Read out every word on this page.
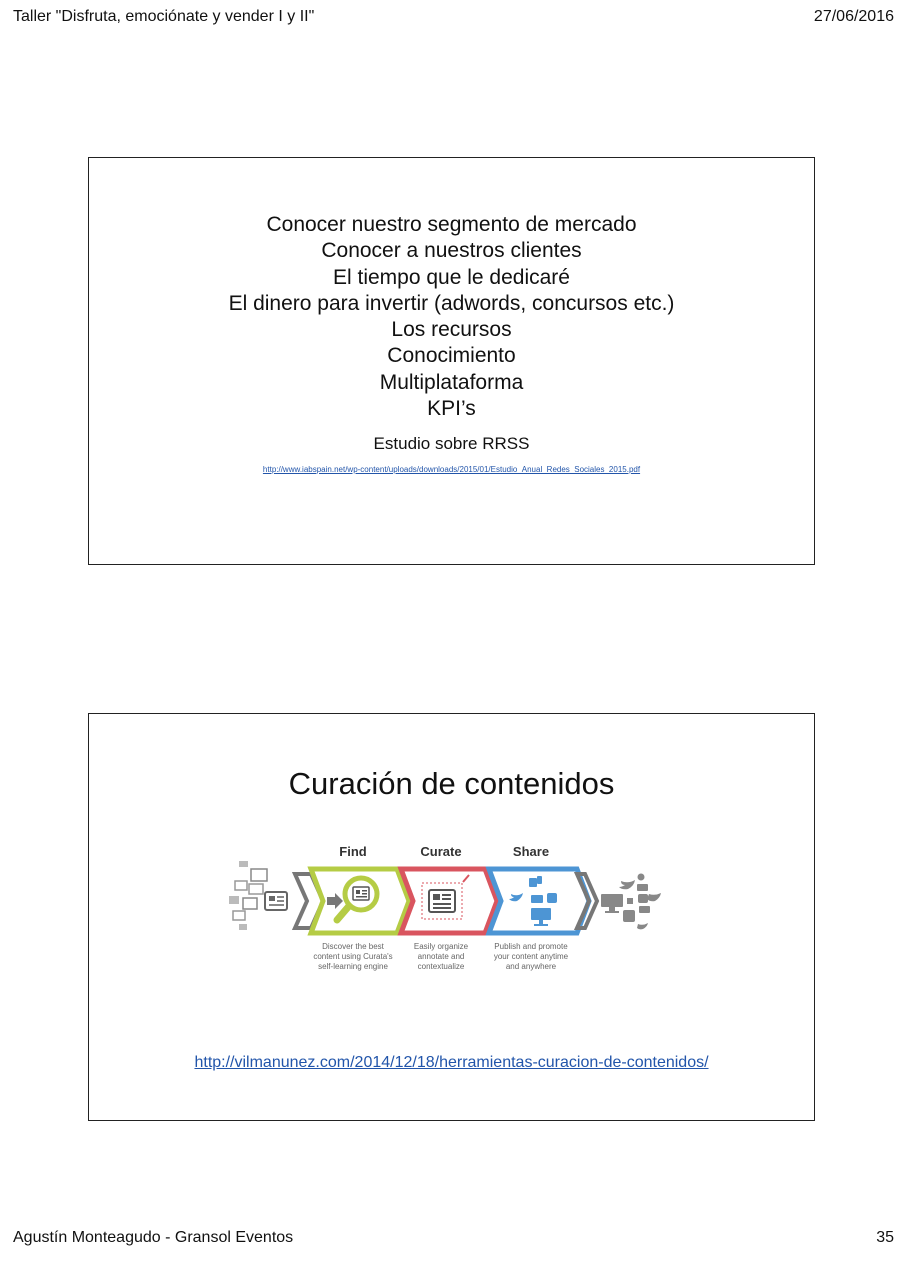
Taller "Disfruta, emociónate y vender I y II"	27/06/2016
Conocer nuestro segmento de mercado
Conocer a nuestros clientes
El tiempo que le dedicaré
El dinero para invertir (adwords, concursos etc.)
Los recursos
Conocimiento
Multiplataforma
KPI’s
Estudio sobre RRSS
http://www.iabspain.net/wp-content/uploads/downloads/2015/01/Estudio_Anual_Redes_Sociales_2015.pdf
Curación de contenidos
Find	Curate	Share
Discover the best
content using Curata's
self-learning engine
Easily organize
annotate and
contextualize
Publish and promote
your content anytime
and anywhere
http://vilmanunez.com/2014/12/18/herramientas-curacion-de-contenidos/
Agustín Monteagudo - Gransol Eventos	35
